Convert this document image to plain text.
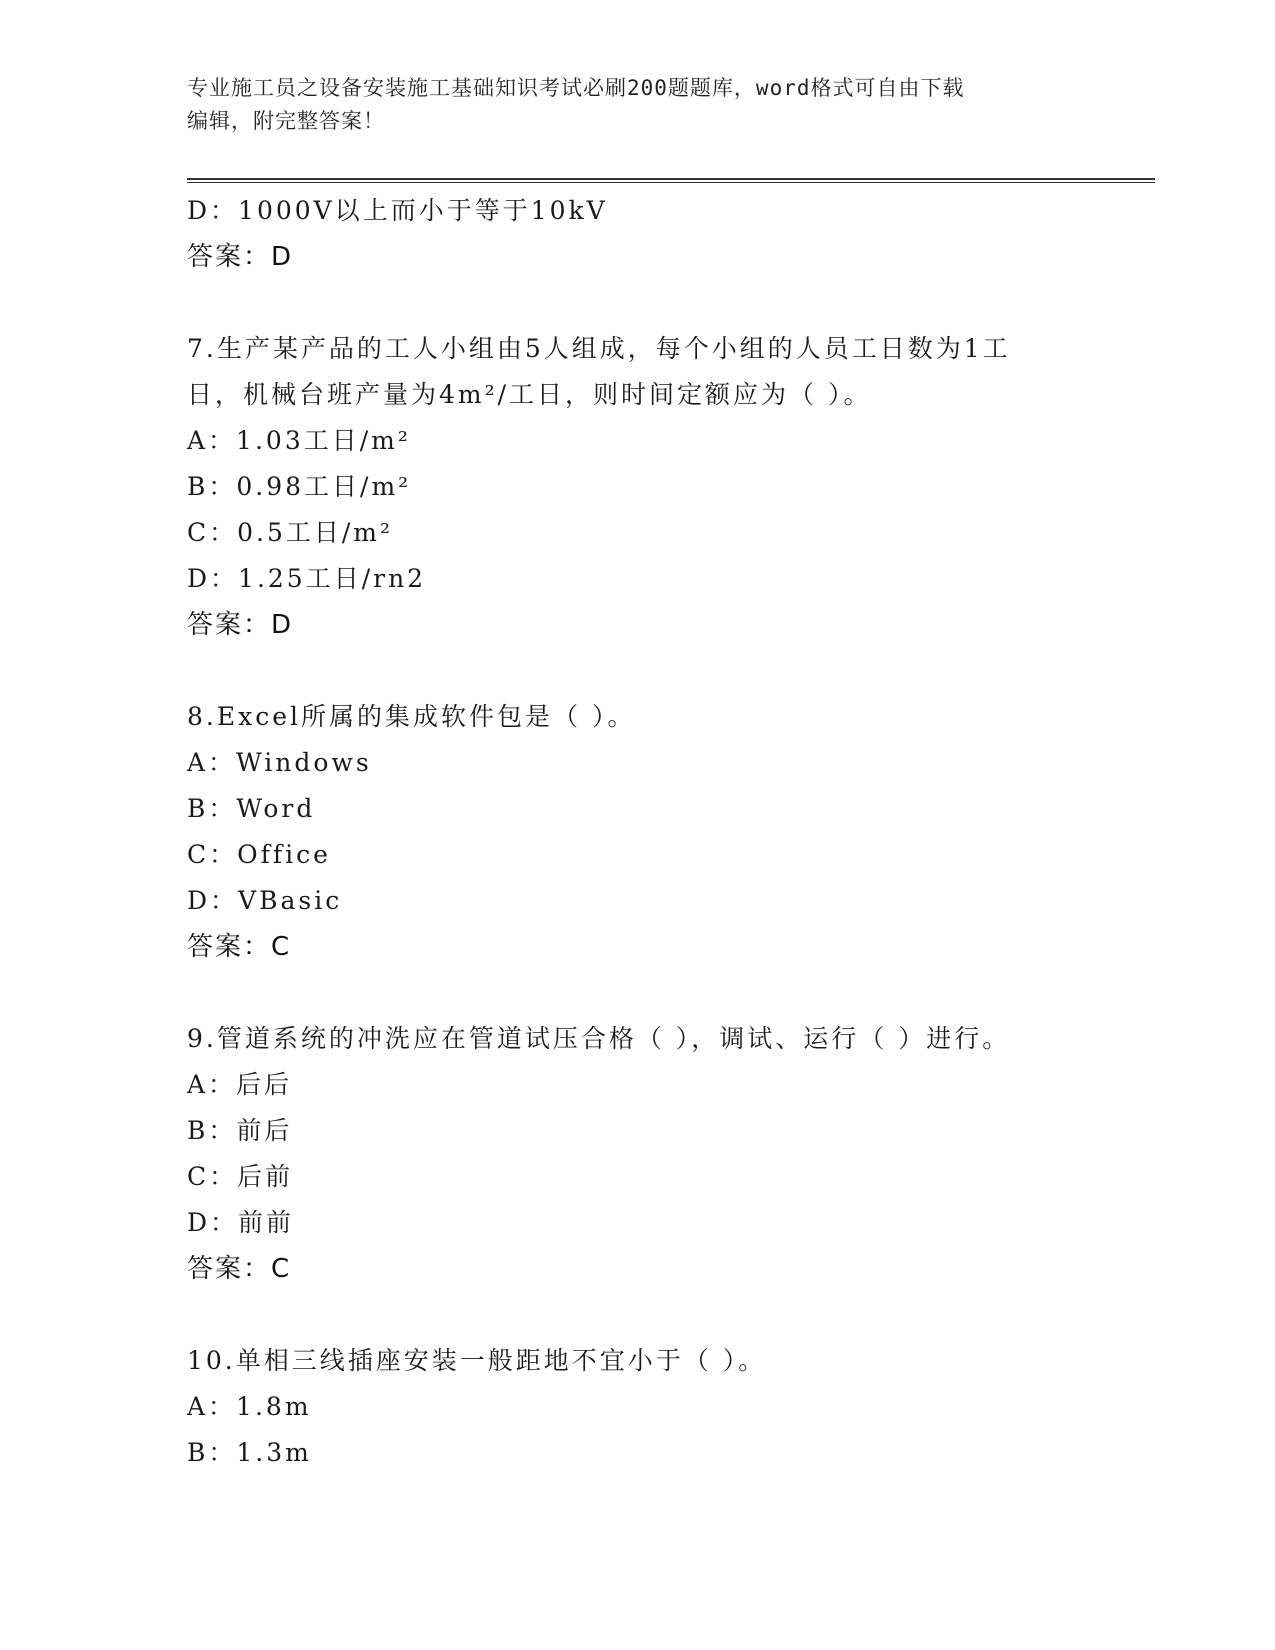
专业施工员之设备安装施工基础知识考试必刷200题题库，word格式可自由下载
编辑，附完整答案！
D：1000V以上而小于等于10kV
答案：D
7.生产某产品的工人小组由5人组成，每个小组的人员工日数为1工
日，机械台班产量为4m²/工日，则时间定额应为（ ）。
A：1.03工日/m²
B：0.98工日/m²
C：0.5工日/m²
D：1.25工日/rn2
答案：D
8.Excel所属的集成软件包是（ ）。
A：Windows
B：Word
C：Office
D：VBasic
答案：C
9.管道系统的冲洗应在管道试压合格（ ），调试、运行（ ）进行。
A：后后
B：前后
C：后前
D：前前
答案：C
10.单相三线插座安装一般距地不宜小于（ ）。
A：1.8m
B：1.3m
